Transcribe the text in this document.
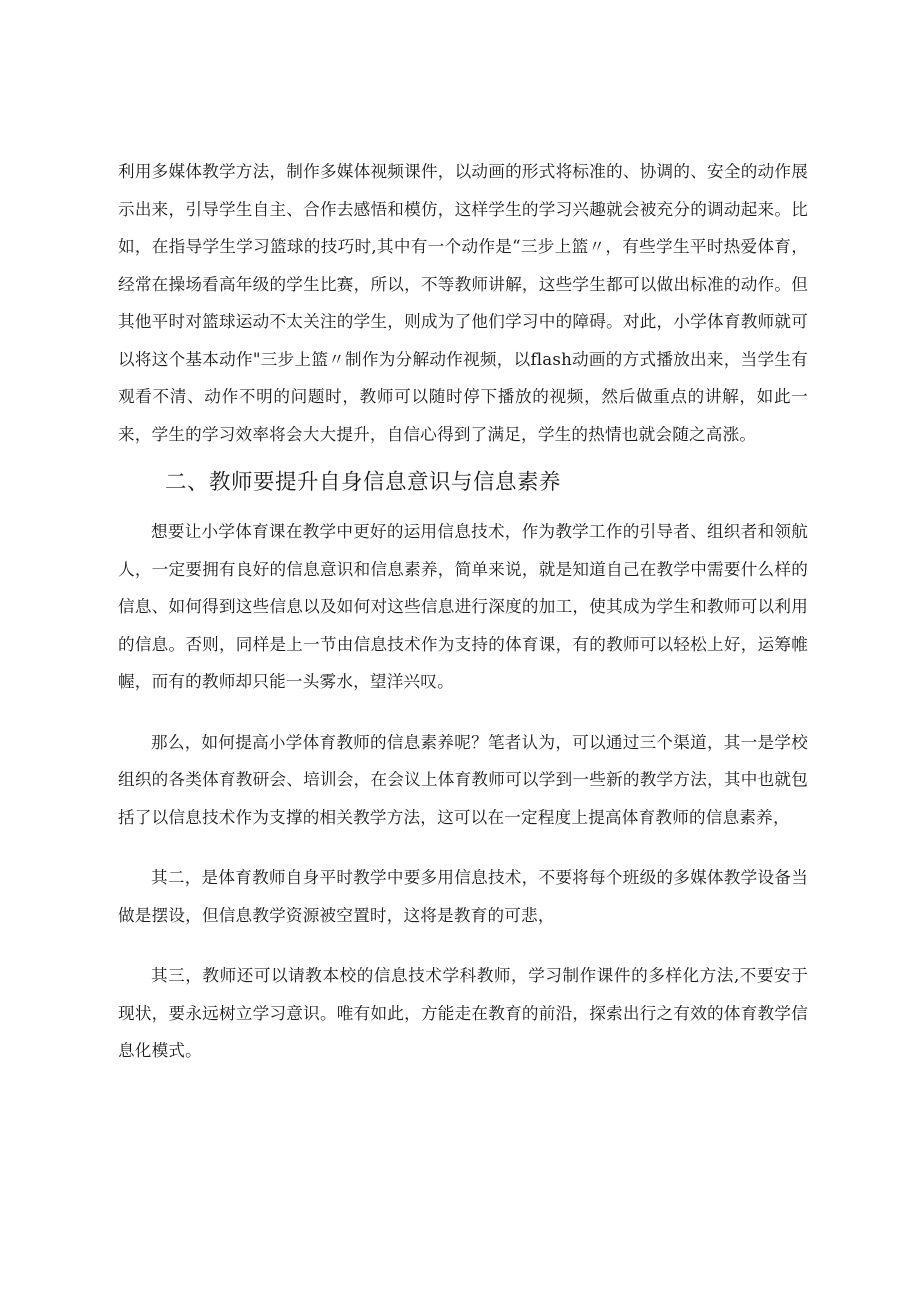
利用多媒体教学方法，制作多媒体视频课件，以动画的形式将标准的、协调的、安全的动作展示出来，引导学生自主、合作去感悟和模仿，这样学生的学习兴趣就会被充分的调动起来。比如，在指导学生学习篮球的技巧时,其中有一个动作是“三步上篮〃，有些学生平时热爱体育，经常在操场看高年级的学生比赛，所以，不等教师讲解，这些学生都可以做出标准的动作。但其他平时对篮球运动不太关注的学生，则成为了他们学习中的障碍。对此，小学体育教师就可以将这个基本动作"三步上篮〃制作为分解动作视频，以flash动画的方式播放出来，当学生有观看不清、动作不明的问题时，教师可以随时停下播放的视频，然后做重点的讲解，如此一来，学生的学习效率将会大大提升，自信心得到了满足，学生的热情也就会随之高涨。

二、教师要提升自身信息意识与信息素养

想要让小学体育课在教学中更好的运用信息技术，作为教学工作的引导者、组织者和领航人，一定要拥有良好的信息意识和信息素养，简单来说，就是知道自己在教学中需要什么样的信息、如何得到这些信息以及如何对这些信息进行深度的加工，使其成为学生和教师可以利用的信息。否则，同样是上一节由信息技术作为支持的体育课，有的教师可以轻松上好，运筹帷幄，而有的教师却只能一头雾水，望洋兴叹。

那么，如何提高小学体育教师的信息素养呢？笔者认为，可以通过三个渠道，其一是学校组织的各类体育教研会、培训会，在会议上体育教师可以学到一些新的教学方法，其中也就包括了以信息技术作为支撑的相关教学方法，这可以在一定程度上提高体育教师的信息素养，

其二，是体育教师自身平时教学中要多用信息技术，不要将每个班级的多媒体教学设备当做是摆设，但信息教学资源被空置时，这将是教育的可悲，

其三，教师还可以请教本校的信息技术学科教师，学习制作课件的多样化方法,不要安于现状，要永远树立学习意识。唯有如此，方能走在教育的前沿，探索出行之有效的体育教学信息化模式。
